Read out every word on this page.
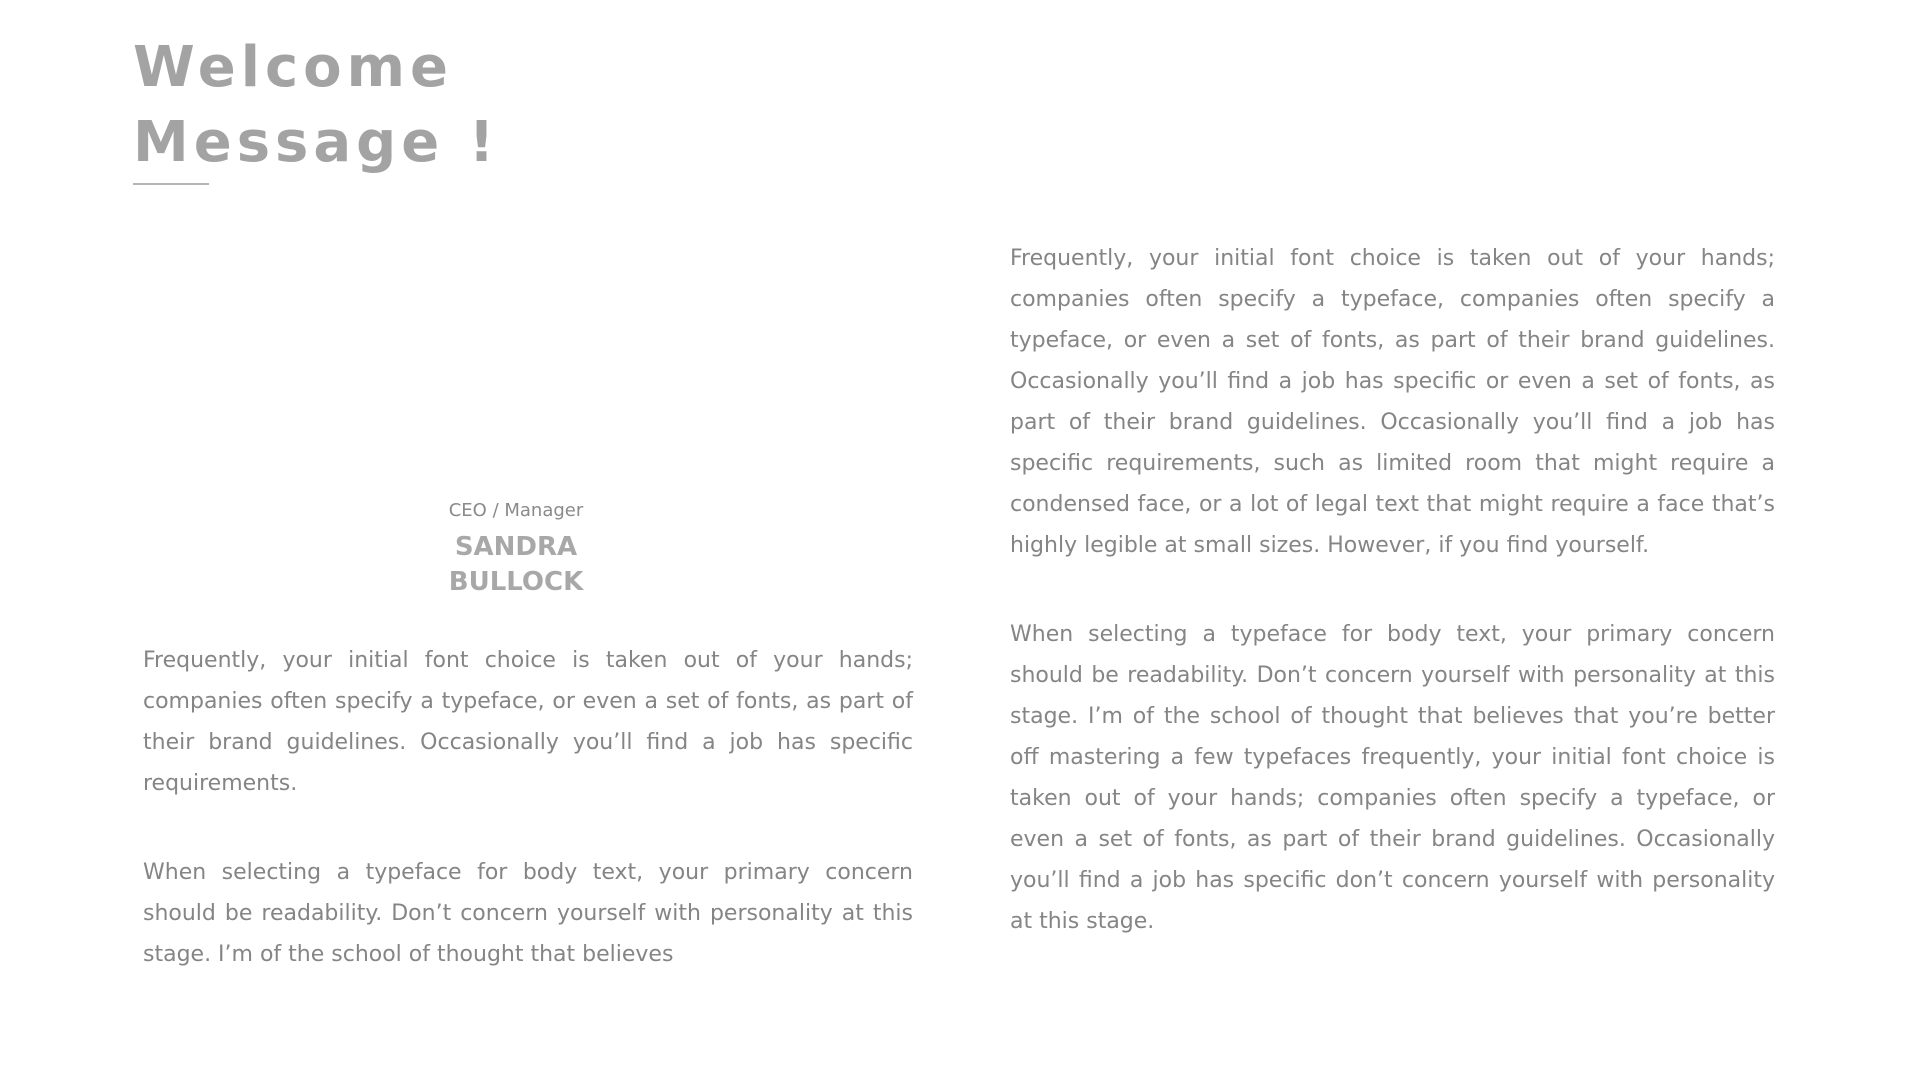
Welcome
Message !
CEO / Manager
SANDRA
BULLOCK

Frequently, your initial font choice is taken out of your hands; companies often specify a typeface, or even a set of fonts, as part of their brand guidelines. Occasionally you’ll find a job has specific requirements.

When selecting a typeface for body text, your primary concern should be readability. Don’t concern yourself with personality at this stage. I’m of the school of thought that believes

Frequently, your initial font choice is taken out of your hands; companies often specify a typeface, companies often specify a typeface, or even a set of fonts, as part of their brand guidelines. Occasionally you’ll find a job has specific or even a set of fonts, as part of their brand guidelines. Occasionally you’ll find a job has specific requirements, such as limited room that might require a condensed face, or a lot of legal text that might require a face that’s highly legible at small sizes. However, if you find yourself.

When selecting a typeface for body text, your primary concern should be readability. Don’t concern yourself with personality at this stage. I’m of the school of thought that believes that you’re better off mastering a few typefaces frequently, your initial font choice is taken out of your hands; companies often specify a typeface, or even a set of fonts, as part of their brand guidelines. Occasionally you’ll find a job has specific don’t concern yourself with personality at this stage.
